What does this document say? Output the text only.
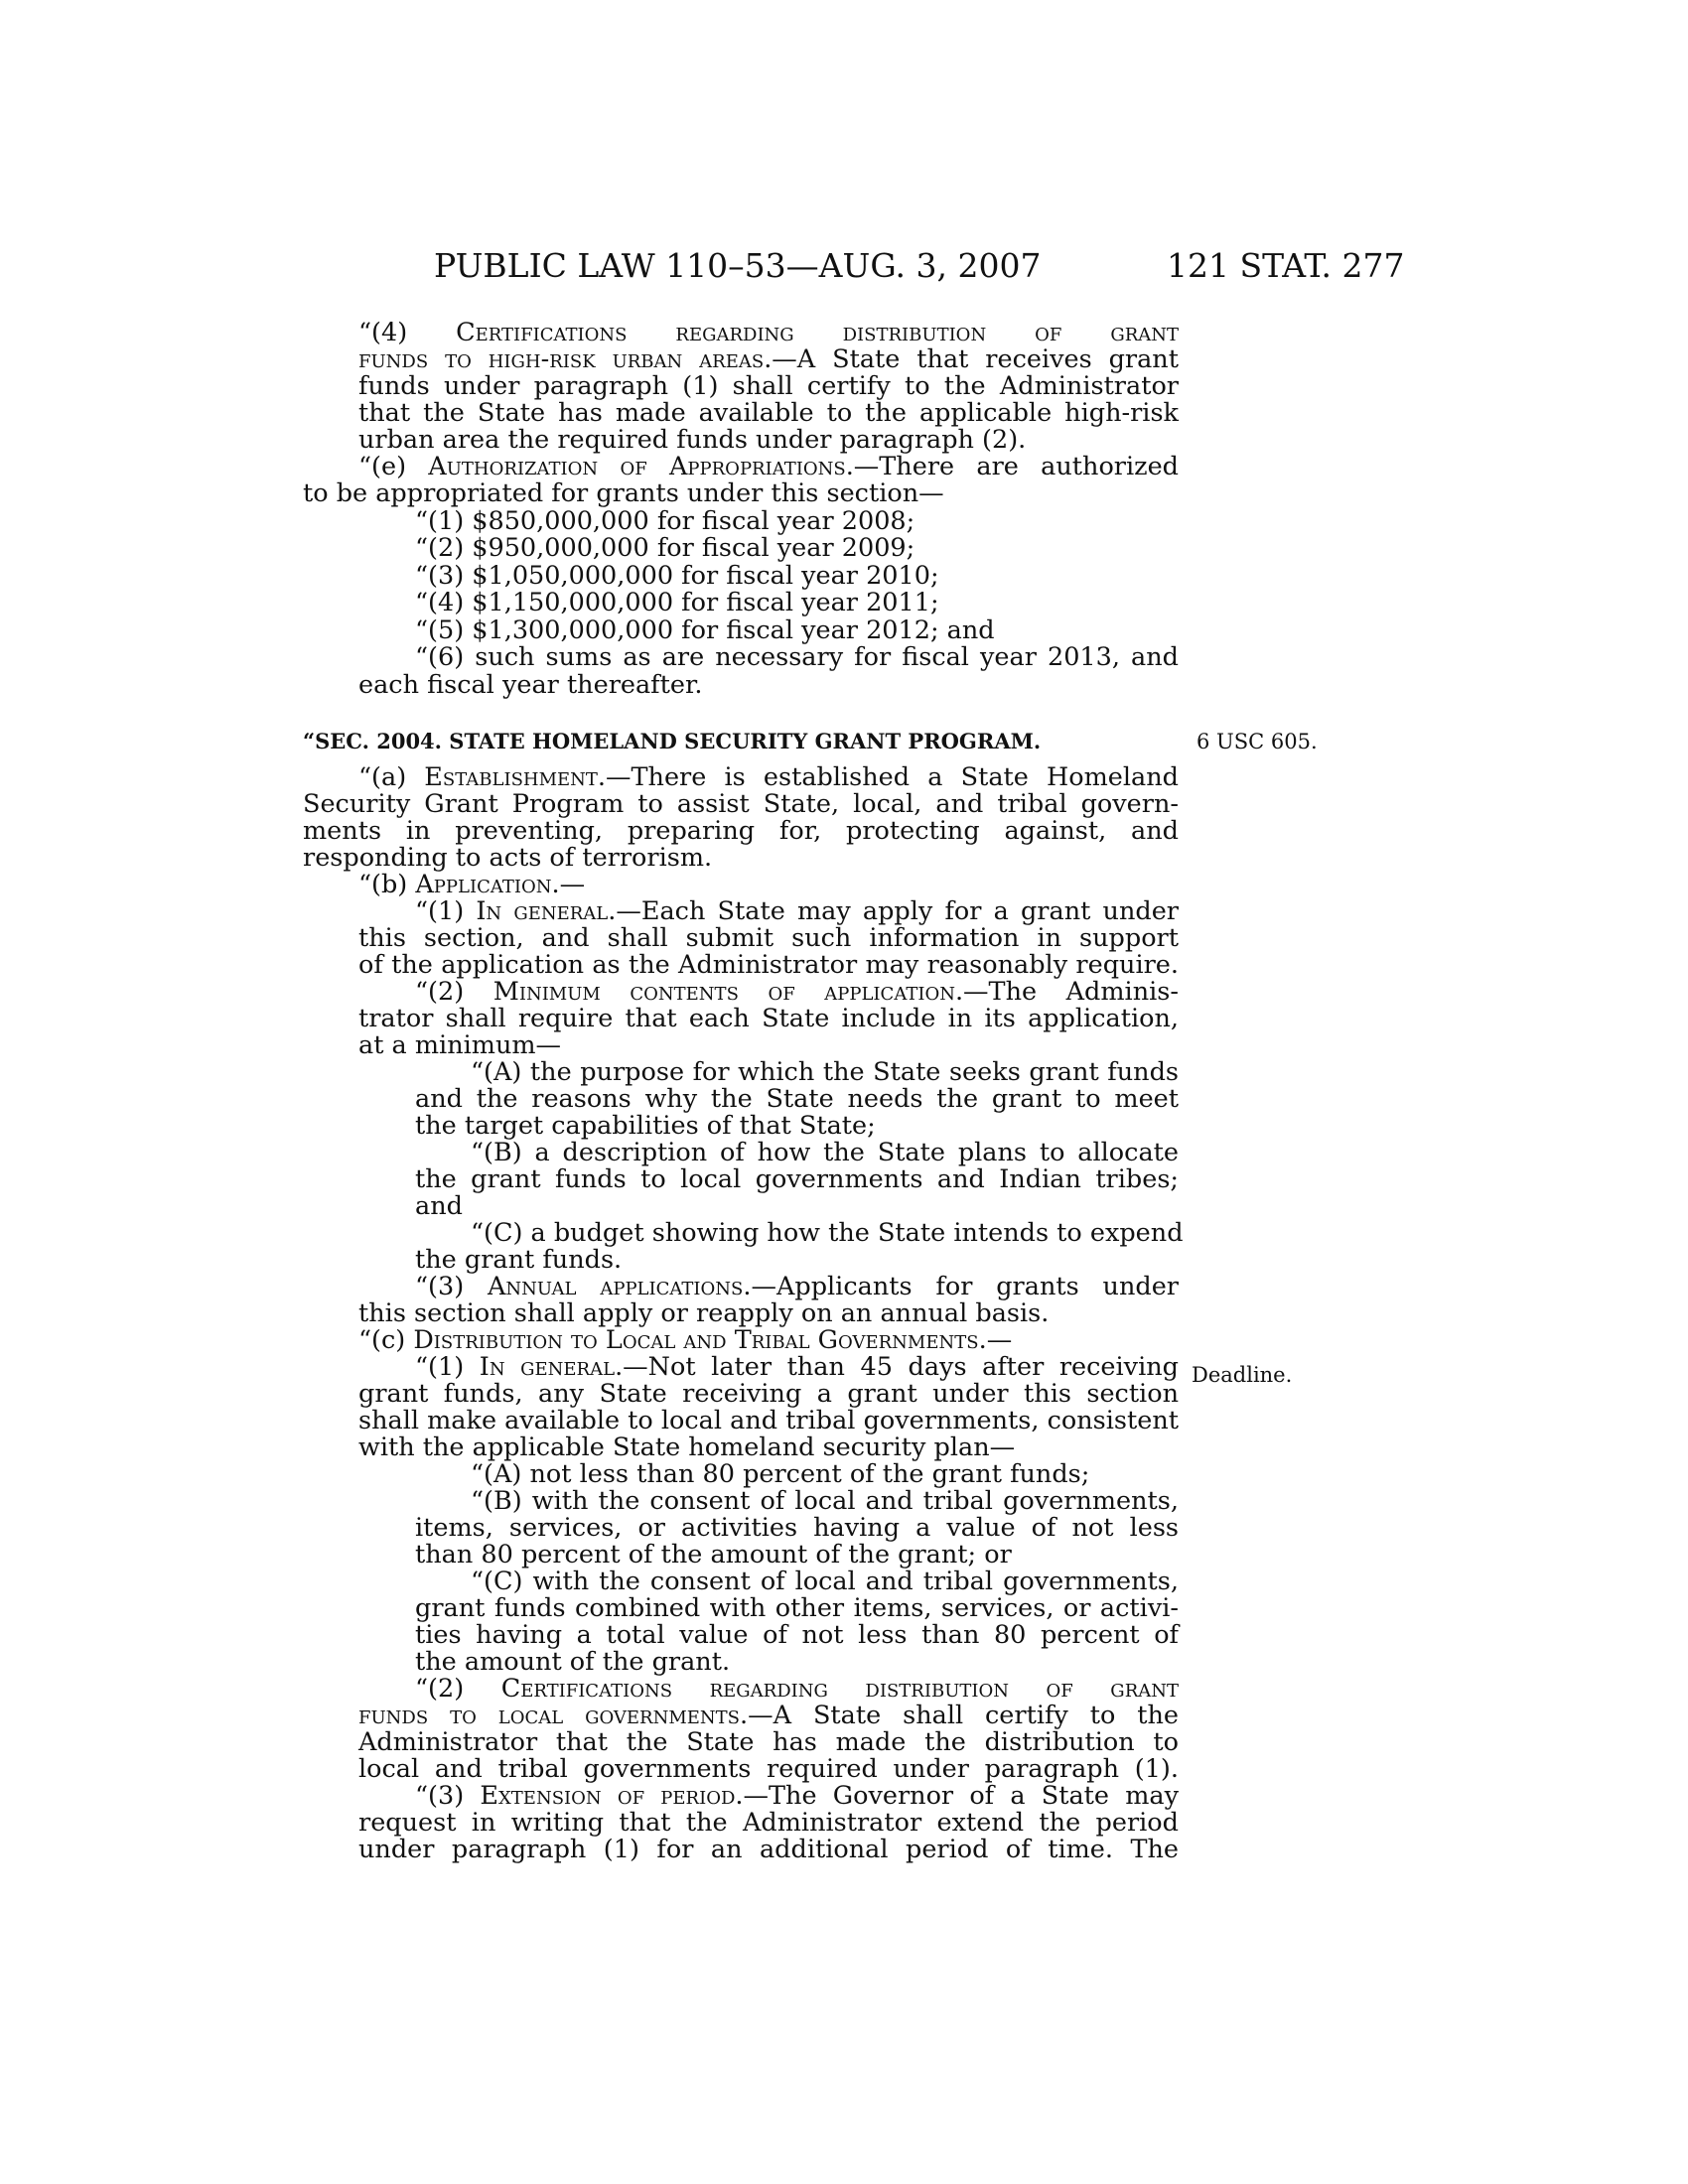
PUBLIC LAW 110–53—AUG. 3, 2007	121 STAT. 277
6 USC 605.
Deadline.
“SEC. 2004. STATE HOMELAND SECURITY GRANT PROGRAM.
“(4) Certifications regarding distribution of grant
funds to high-risk urban areas.—A State that receives grant
funds under paragraph (1) shall certify to the Administrator
that the State has made available to the applicable high-risk
urban area the required funds under paragraph (2).
“(e) Authorization of Appropriations.—There are authorized
to be appropriated for grants under this section—
“(1) $850,000,000 for fiscal year 2008;
“(2) $950,000,000 for fiscal year 2009;
“(3) $1,050,000,000 for fiscal year 2010;
“(4) $1,150,000,000 for fiscal year 2011;
“(5) $1,300,000,000 for fiscal year 2012; and
“(6) such sums as are necessary for fiscal year 2013, and
each fiscal year thereafter.
“(a) Establishment.—There is established a State Homeland
Security Grant Program to assist State, local, and tribal govern-
ments in preventing, preparing for, protecting against, and
responding to acts of terrorism.
“(b) Application.—
“(1) In general.—Each State may apply for a grant under
this section, and shall submit such information in support
of the application as the Administrator may reasonably require.
“(2) Minimum contents of application.—The Adminis-
trator shall require that each State include in its application,
at a minimum—
“(A) the purpose for which the State seeks grant funds
and the reasons why the State needs the grant to meet
the target capabilities of that State;
“(B) a description of how the State plans to allocate
the grant funds to local governments and Indian tribes;
and
“(C) a budget showing how the State intends to expend
the grant funds.
“(3) Annual applications.—Applicants for grants under
this section shall apply or reapply on an annual basis.
“(c) Distribution to Local and Tribal Governments.—
“(1) In general.—Not later than 45 days after receiving
grant funds, any State receiving a grant under this section
shall make available to local and tribal governments, consistent
with the applicable State homeland security plan—
“(A) not less than 80 percent of the grant funds;
“(B) with the consent of local and tribal governments,
items, services, or activities having a value of not less
than 80 percent of the amount of the grant; or
“(C) with the consent of local and tribal governments,
grant funds combined with other items, services, or activi-
ties having a total value of not less than 80 percent of
the amount of the grant.
“(2) Certifications regarding distribution of grant
funds to local governments.—A State shall certify to the
Administrator that the State has made the distribution to
local and tribal governments required under paragraph (1).
“(3) Extension of period.—The Governor of a State may
request in writing that the Administrator extend the period
under paragraph (1) for an additional period of time. The
